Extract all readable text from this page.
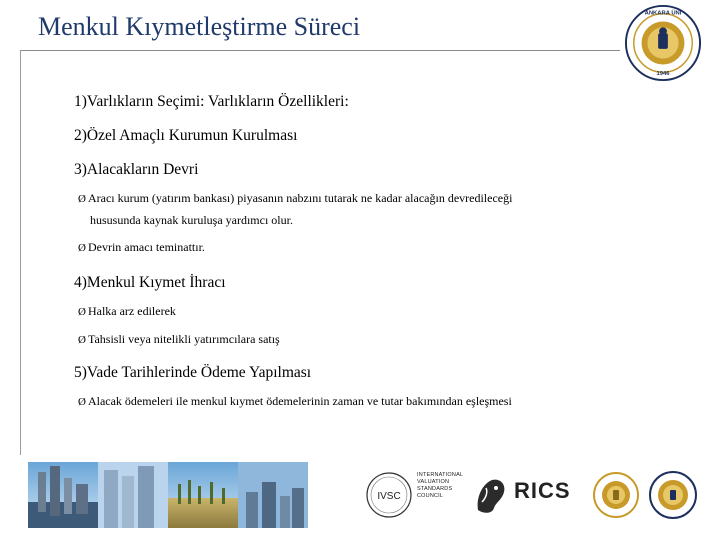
Menkul Kıymetleştirme Süreci	ANKARA ÜNİ
1946

1)Varlıkların Seçimi: Varlıkların Özellikleri:

2)Özel Amaçlı Kurumun Kurulması

3)Alacakların Devri

Ø Aracı kurum (yatırım bankası) piyasanın nabzını tutarak ne kadar alacağın devredileceği

hususunda kaynak kuruluşa yardımcı olur.

Ø Devrin amacı teminattır.

4)Menkul Kıymet İhracı

Ø Halka arz edilerek

Ø Tahsisli veya nitelikli yatırımcılara satış

5)Vade Tarihlerinde Ödeme Yapılması

Ø Alacak ödemeleri ile menkul kıymet ödemelerinin zaman ve tutar bakımından eşleşmesi

IVSC
INTERNATIONAL
VALUATION
STANDARDS
COUNCIL	RICS
